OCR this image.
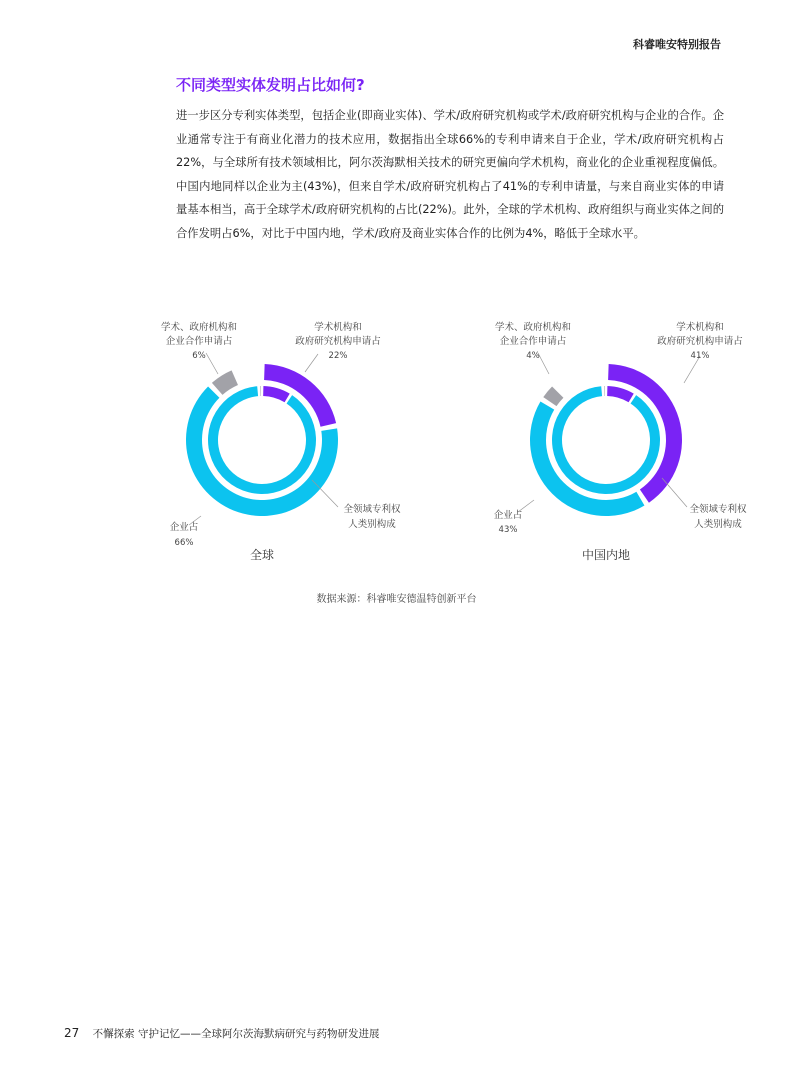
科睿唯安特别报告
不同类型实体发明占比如何?

进一步区分专利实体类型，包括企业(即商业实体)、学术/政府研究机构或学术/政府研究机构与企业的合作。企业通常专注于有商业化潜力的技术应用，数据指出全球66%的专利申请来自于企业，学术/政府研究机构占22%，与全球所有技术领域相比，阿尔茨海默相关技术的研究更偏向学术机构，商业化的企业重视程度偏低。中国内地同样以企业为主(43%)，但来自学术/政府研究机构占了41%的专利申请量，与来自商业实体的申请量基本相当，高于全球学术/政府研究机构的占比(22%)。此外，全球的学术机构、政府组织与商业实体之间的合作发明占6%，对比于中国内地，学术/政府及商业实体合作的比例为4%，略低于全球水平。

学术、政府机构和
企业合作申请占
6%
学术机构和
政府研究机构申请占
22%
企业占
66%
全领域专利权
人类别构成
全球
学术、政府机构和
企业合作申请占
4%
学术机构和
政府研究机构申请占
41%
企业占
43%
全领域专利权
人类别构成
中国内地
数据来源：科睿唯安德温特创新平台
27 不懈探索 守护记忆——全球阿尔茨海默病研究与药物研发进展
